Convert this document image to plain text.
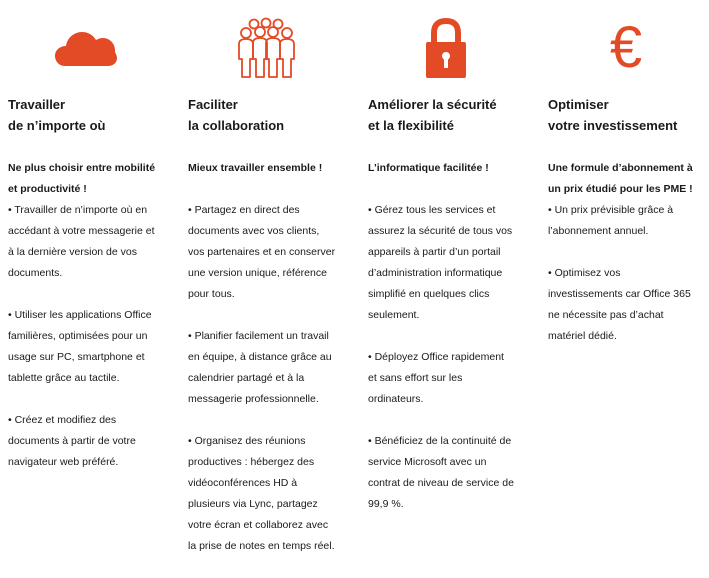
Travailler
de n’importe où
Ne plus choisir entre mobilité
et productivité !
• Travailler de n’importe où en
accédant à votre messagerie et
à la dernière version de vos
documents.
• Utiliser les applications Office
familières, optimisées pour un
usage sur PC, smartphone et
tablette grâce au tactile.
• Créez et modifiez des
documents à partir de votre
navigateur web préféré.
Faciliter
la collaboration
Mieux travailler ensemble !
• Partagez en direct des
documents avec vos clients,
vos partenaires et en conserver
une version unique, référence
pour tous.
• Planifier facilement un travail
en équipe, à distance grâce au
calendrier partagé et à la
messagerie professionnelle.
• Organisez des réunions
productives : hébergez des
vidéoconférences HD à
plusieurs via Lync, partagez
votre écran et collaborez avec
la prise de notes en temps réel.
Améliorer la sécurité
et la flexibilité
L’informatique facilitée !
• Gérez tous les services et
assurez la sécurité de tous vos
appareils à partir d’un portail
d’administration informatique
simplifié en quelques clics
seulement.
• Déployez Office rapidement
et sans effort sur les
ordinateurs.
• Bénéficiez de la continuité de
service Microsoft avec un
contrat de niveau de service de
99,9 %.
€
Optimiser
votre investissement
Une formule d’abonnement à
un prix étudié pour les PME !
• Un prix prévisible grâce à
l’abonnement annuel.
• Optimisez vos
investissements car Office 365
ne nécessite pas d’achat
matériel dédié.
